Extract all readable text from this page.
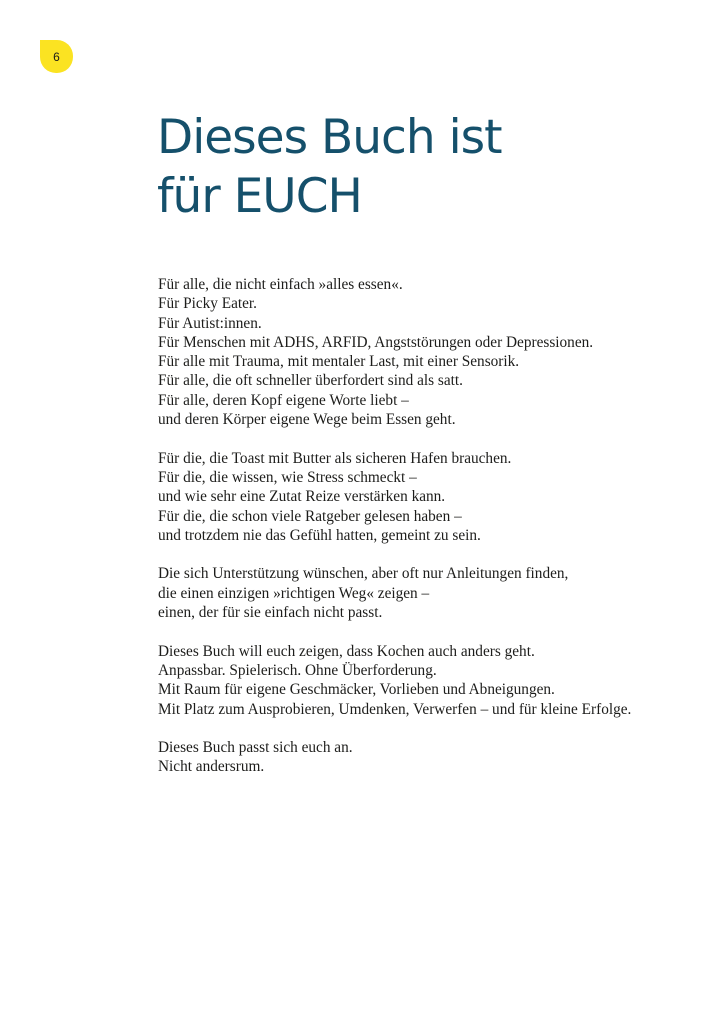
6
Dieses Buch ist
für EUCH

Für alle, die nicht einfach »alles essen«.
Für Picky Eater.
Für Autist:innen.
Für Menschen mit ADHS, ARFID, Angststörungen oder Depressionen.
Für alle mit Trauma, mit mentaler Last, mit einer Sensorik.
Für alle, die oft schneller überfordert sind als satt.
Für alle, deren Kopf eigene Worte liebt –
und deren Körper eigene Wege beim Essen geht.

Für die, die Toast mit Butter als sicheren Hafen brauchen.
Für die, die wissen, wie Stress schmeckt –
und wie sehr eine Zutat Reize verstärken kann.
Für die, die schon viele Ratgeber gelesen haben –
und trotzdem nie das Gefühl hatten, gemeint zu sein.

Die sich Unterstützung wünschen, aber oft nur Anleitungen finden,
die einen einzigen »richtigen Weg« zeigen –
einen, der für sie einfach nicht passt.

Dieses Buch will euch zeigen, dass Kochen auch anders geht.
Anpassbar. Spielerisch. Ohne Überforderung.
Mit Raum für eigene Geschmäcker, Vorlieben und Abneigungen.
Mit Platz zum Ausprobieren, Umdenken, Verwerfen – und für kleine Erfolge.

Dieses Buch passt sich euch an.
Nicht andersrum.
